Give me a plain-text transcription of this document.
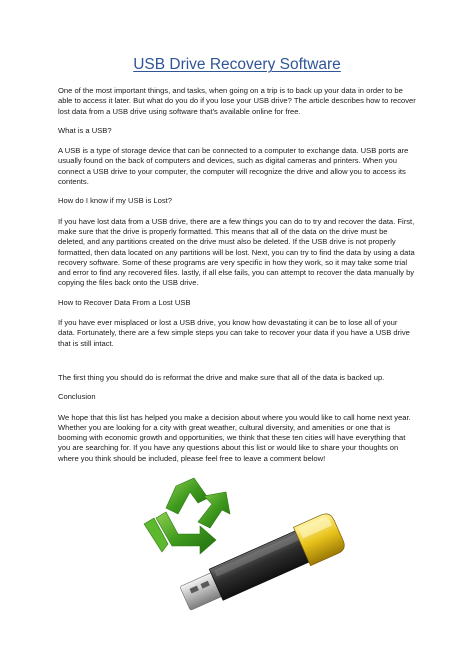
USB Drive Recovery Software

One of the most important things, and tasks, when going on a trip is to back up your data in order to be able to access it later. But what do you do if you lose your USB drive? The article describes how to recover lost data from a USB drive using software that’s available online for free.

What is a USB?

A USB is a type of storage device that can be connected to a computer to exchange data. USB ports are usually found on the back of computers and devices, such as digital cameras and printers. When you connect a USB drive to your computer, the computer will recognize the drive and allow you to access its contents.

How do I know if my USB is Lost?

If you have lost data from a USB drive, there are a few things you can do to try and recover the data. First, make sure that the drive is properly formatted. This means that all of the data on the drive must be deleted, and any partitions created on the drive must also be deleted. If the USB drive is not properly formatted, then data located on any partitions will be lost. Next, you can try to find the data by using a data recovery software. Some of these programs are very specific in how they work, so it may take some trial and error to find any recovered files. lastly, if all else fails, you can attempt to recover the data manually by copying the files back onto the USB drive.

How to Recover Data From a Lost USB

If you have ever misplaced or lost a USB drive, you know how devastating it can be to lose all of your data. Fortunately, there are a few simple steps you can take to recover your data if you have a USB drive that is still intact.

The first thing you should do is reformat the drive and make sure that all of the data is backed up.

Conclusion

We hope that this list has helped you make a decision about where you would like to call home next year. Whether you are looking for a city with great weather, cultural diversity, and amenities or one that is booming with economic growth and opportunities, we think that these ten cities will have everything that you are searching for. If you have any questions about this list or would like to share your thoughts on where you think should be included, please feel free to leave a comment below!
